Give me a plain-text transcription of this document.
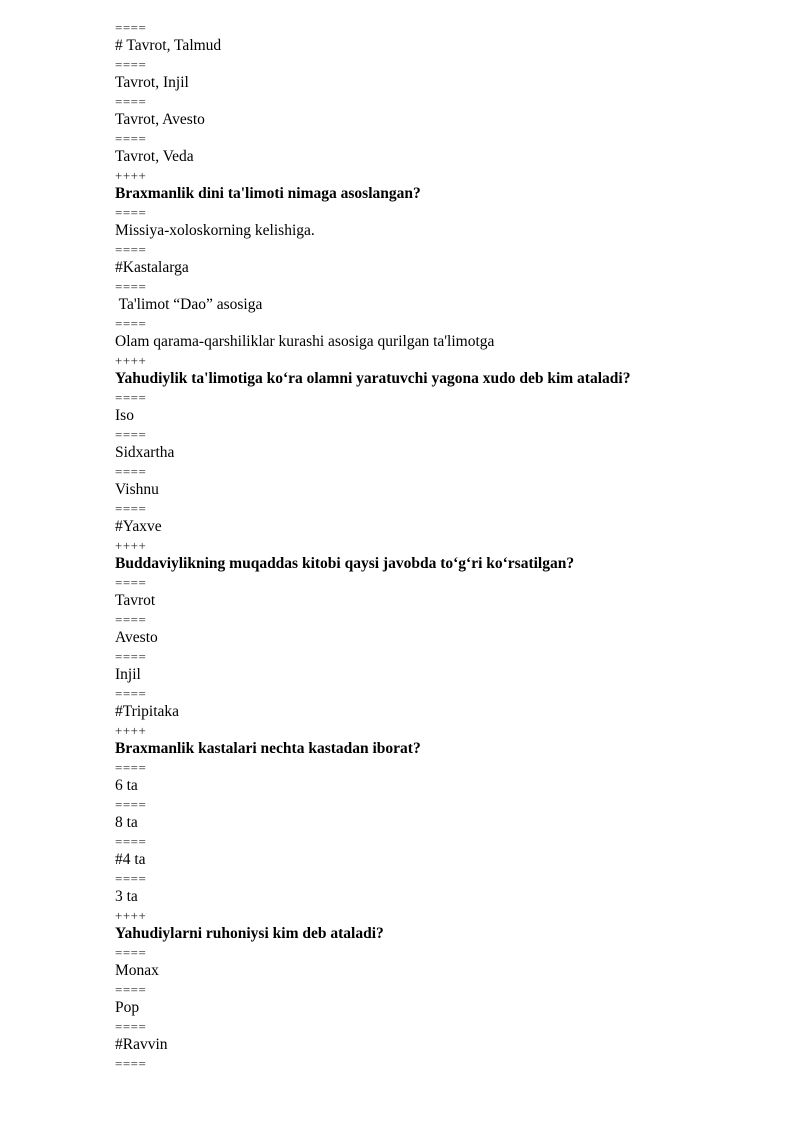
====
# Tavrot, Talmud
====
Tavrot, Injil
====
Tavrot, Avesto
====
Tavrot, Veda
++++
Braxmanlik dini ta'limoti nimaga asoslangan?
====
Missiya-xoloskorning kelishiga.
====
#Kastalarga
====
Ta'limot “Dao” asosiga
====
Olam qarama-qarshiliklar kurashi asosiga qurilgan ta'limotga
++++
Yahudiylik ta'limotiga ko‘ra olamni yaratuvchi yagona xudo deb kim ataladi?
====
Iso
====
Sidxartha
====
Vishnu
====
#Yaxve
++++
Buddaviylikning muqaddas kitobi qaysi javobda to‘g‘ri ko‘rsatilgan?
====
Tavrot
====
Avesto
====
Injil
====
#Tripitaka
++++
Braxmanlik kastalari nechta kastadan iborat?
====
6 ta
====
8 ta
====
#4 ta
====
3 ta
++++
Yahudiylarni ruhoniysi kim deb ataladi?
====
Monax
====
Pop
====
#Ravvin
====
